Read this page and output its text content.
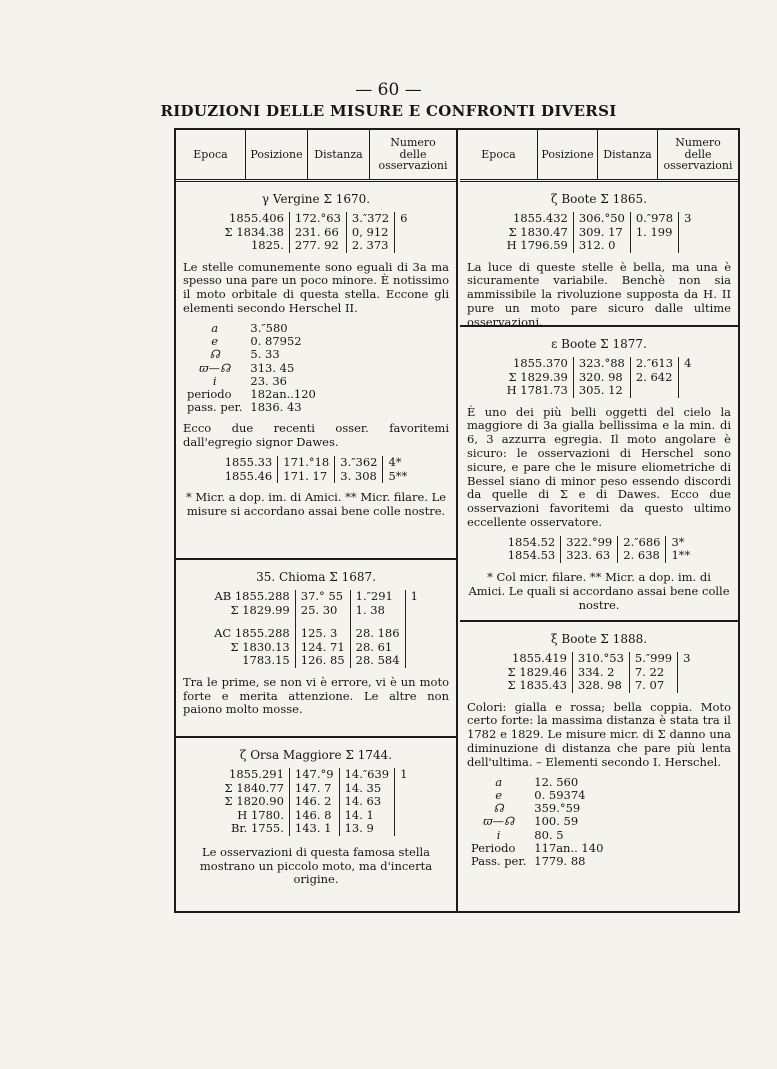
— 60 —
RIDUZIONI DELLE MISURE E CONFRONTI DIVERSI
Epoca	Posizione	Distanza
Numero
delle
osservazioni
γ Vergine Σ 1670.
1855.406	172.°63	3.″372	6
Σ 1834.38	231. 66	0, 912	
1825.	277. 92	2. 373	

Le stelle comunemente sono eguali di 3a ma spesso una pare un poco minore. È notissimo il moto orbitale di questa stella. Eccone gli elementi secondo Herschel II.

a	3.″580
e	0. 87952
☊	5. 33
ϖ—☊	313. 45
i	23. 36
periodo	182an..120
pass. per.	1836. 43

Ecco due recenti osser. favoritemi dall'egregio signor Dawes.

1855.33	171.°18	3.″362	4*
1855.46	171. 17	3. 308	5**

* Micr. a dop. im. di Amici. ** Micr. filare. Le misure si accordano assai bene colle nostre.

35. Chioma Σ 1687.
AB 1855.288	37.° 55	1.″291	1
Σ 1829.99	25. 30	1. 38	

AC 1855.288	125. 3	28. 186	
Σ 1830.13	124. 71	28. 61	
1783.15	126. 85	28. 584	

Tra le prime, se non vi è errore, vi è un moto forte e merita attenzione. Le altre non paiono molto mosse.

ζ Orsa Maggiore Σ 1744.
1855.291	147.°9	14.″639	1
Σ 1840.77	147. 7	14. 35	
Σ 1820.90	146. 2	14. 63	
H 1780.	146. 8	14. 1	
Br. 1755.	143. 1	13. 9	

Le osservazioni di questa famosa stella mostrano un piccolo moto, ma d'incerta origine.

Epoca	Posizione Distanza
Numero
delle
osservazioni
ζ Boote Σ 1865.
1855.432	306.°50	0.″978	3
Σ 1830.47	309. 17	1. 199	
H 1796.59	312. 0		

La luce di queste stelle è bella, ma una è sicuramente variabile. Benchè non sia ammissibile la rivoluzione supposta da H. II pure un moto pare sicuro dalle ultime osservazioni.

ε Boote Σ 1877.
1855.370	323.°88	2.″613	4
Σ 1829.39	320. 98	2. 642	
H 1781.73	305. 12		

È uno dei più belli oggetti del cielo la maggiore di 3a gialla bellissima e la min. di 6, 3 azzurra egregia. Il moto angolare è sicuro: le osservazioni di Herschel sono sicure, e pare che le misure eliometriche di Bessel siano di minor peso essendo discordi da quelle di Σ e di Dawes. Ecco due osservazioni favoritemi da questo ultimo eccellente osservatore.

1854.52	322.°99	2.″686	3*
1854.53	323. 63	2. 638	1**

* Col micr. filare. ** Micr. a dop. im. di Amici. Le quali si accordano assai bene colle nostre.

ξ Boote Σ 1888.
1855.419	310.°53	5.″999	3
Σ 1829.46	334. 2	7. 22	
Σ 1835.43	328. 98	7. 07	

Colori: gialla e rossa; bella coppia. Moto certo forte: la massima distanza è stata tra il 1782 e 1829. Le misure micr. di Σ danno una diminuzione di distanza che pare più lenta dell'ultima. – Elementi secondo I. Herschel.

a	12. 560
e	0. 59374
☊	359.°59
ϖ—☊	100. 59
i	80. 5
Periodo	117an.. 140
Pass. per.	1779. 88
